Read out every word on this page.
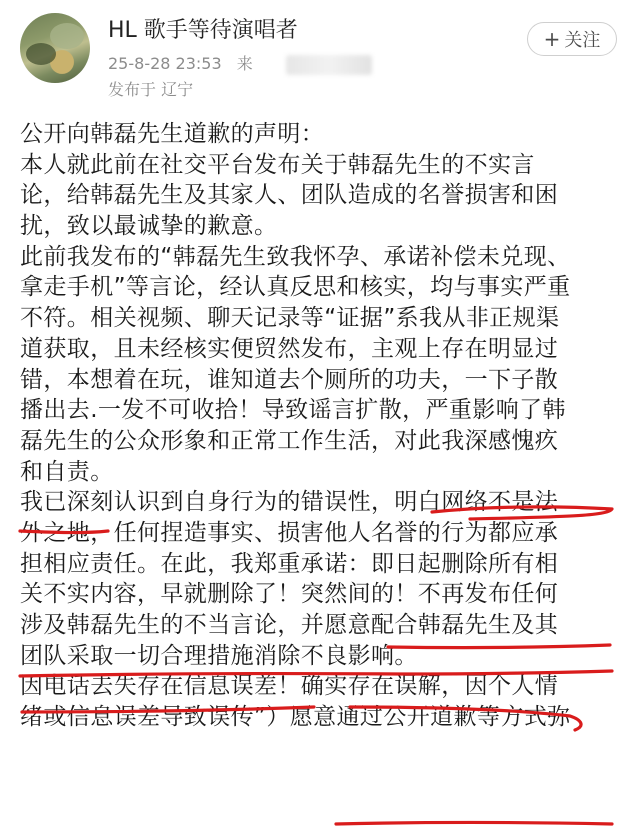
HL 歌手等待演唱者
25-8-28 23:53 来
发布于 辽宁
+ 关注
公开向韩磊先生道歉的声明：
本人就此前在社交平台发布关于韩磊先生的不实言
论，给韩磊先生及其家人、团队造成的名誉损害和困
扰，致以最诚挚的歉意。
此前我发布的“韩磊先生致我怀孕、承诺补偿未兑现、
拿走手机”等言论，经认真反思和核实，均与事实严重
不符。相关视频、聊天记录等“证据”系我从非正规渠
道获取，且未经核实便贸然发布，主观上存在明显过
错，本想着在玩，谁知道去个厕所的功夫，一下子散
播出去.一发不可收拾！导致谣言扩散，严重影响了韩
磊先生的公众形象和正常工作生活，对此我深感愧疚
和自责。
我已深刻认识到自身行为的错误性，明白网络不是法
外之地，任何捏造事实、损害他人名誉的行为都应承
担相应责任。在此，我郑重承诺：即日起删除所有相
关不实内容，早就删除了！突然间的！不再发布任何
涉及韩磊先生的不当言论，并愿意配合韩磊先生及其
团队采取一切合理措施消除不良影响。
因电话去失存在信息误差！确实存在误解，因个人情
绪或信息误差导致误传”）愿意通过公开道歉等方式弥
